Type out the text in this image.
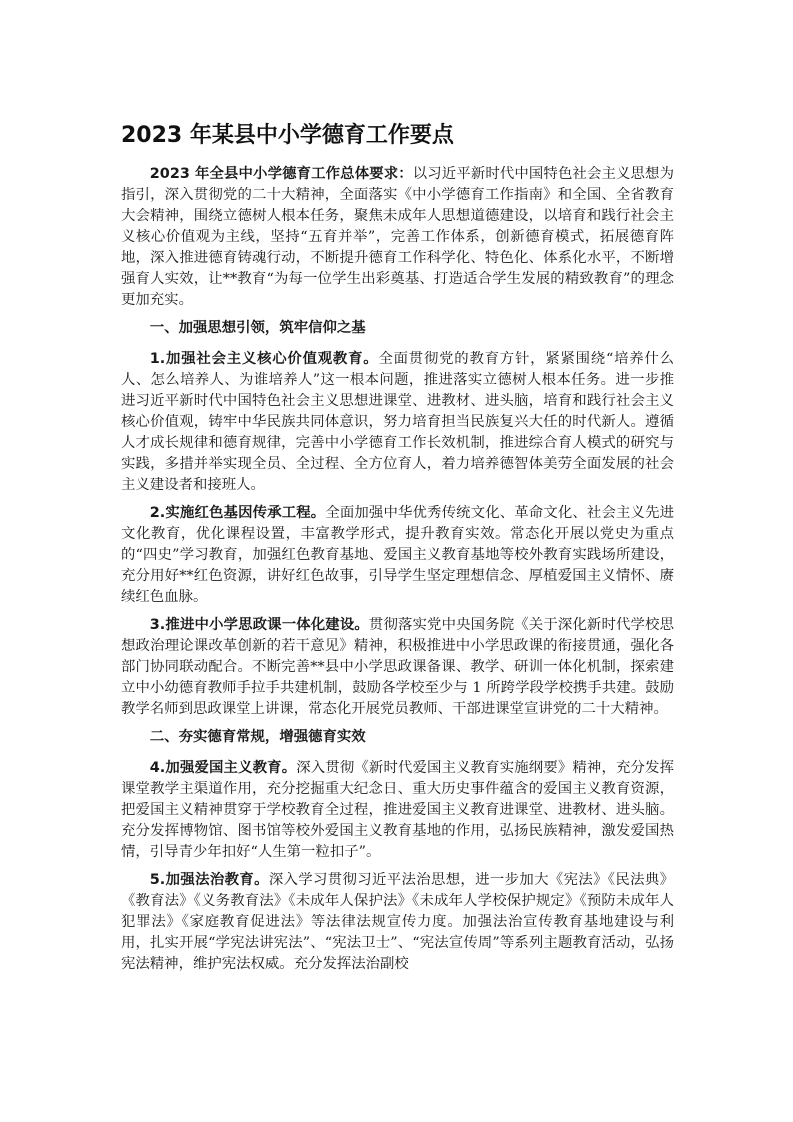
2023 年某县中小学德育工作要点

2023 年全县中小学德育工作总体要求：以习近平新时代中国特色社会主义思想为指引，深入贯彻党的二十大精神，全面落实《中小学德育工作指南》和全国、全省教育大会精神，围绕立德树人根本任务，聚焦未成年人思想道德建设，以培育和践行社会主义核心价值观为主线，坚持“五育并举”，完善工作体系，创新德育模式，拓展德育阵地，深入推进德育铸魂行动，不断提升德育工作科学化、特色化、体系化水平，不断增强育人实效，让**教育“为每一位学生出彩奠基、打造适合学生发展的精致教育”的理念更加充实。

一、加强思想引领，筑牢信仰之基

1.加强社会主义核心价值观教育。全面贯彻党的教育方针，紧紧围绕“培养什么人、怎么培养人、为谁培养人”这一根本问题，推进落实立德树人根本任务。进一步推进习近平新时代中国特色社会主义思想进课堂、进教材、进头脑，培育和践行社会主义核心价值观，铸牢中华民族共同体意识，努力培育担当民族复兴大任的时代新人。遵循人才成长规律和德育规律，完善中小学德育工作长效机制，推进综合育人模式的研究与实践，多措并举实现全员、全过程、全方位育人，着力培养德智体美劳全面发展的社会主义建设者和接班人。

2.实施红色基因传承工程。全面加强中华优秀传统文化、革命文化、社会主义先进文化教育，优化课程设置，丰富教学形式，提升教育实效。常态化开展以党史为重点的“四史”学习教育，加强红色教育基地、爱国主义教育基地等校外教育实践场所建设，充分用好**红色资源，讲好红色故事，引导学生坚定理想信念、厚植爱国主义情怀、赓续红色血脉。

3.推进中小学思政课一体化建设。贯彻落实党中央国务院《关于深化新时代学校思想政治理论课改革创新的若干意见》精神，积极推进中小学思政课的衔接贯通，强化各部门协同联动配合。不断完善**县中小学思政课备课、教学、研训一体化机制，探索建立中小幼德育教师手拉手共建机制，鼓励各学校至少与 1 所跨学段学校携手共建。鼓励教学名师到思政课堂上讲课，常态化开展党员教师、干部进课堂宣讲党的二十大精神。

二、夯实德育常规，增强德育实效

4.加强爱国主义教育。深入贯彻《新时代爱国主义教育实施纲要》精神，充分发挥课堂教学主渠道作用，充分挖掘重大纪念日、重大历史事件蕴含的爱国主义教育资源，把爱国主义精神贯穿于学校教育全过程，推进爱国主义教育进课堂、进教材、进头脑。充分发挥博物馆、图书馆等校外爱国主义教育基地的作用，弘扬民族精神，激发爱国热情，引导青少年扣好“人生第一粒扣子”。

5.加强法治教育。深入学习贯彻习近平法治思想，进一步加大《宪法》《民法典》《教育法》《义务教育法》《未成年人保护法》《未成年人学校保护规定》《预防未成年人犯罪法》《家庭教育促进法》等法律法规宣传力度。加强法治宣传教育基地建设与利用，扎实开展“学宪法讲宪法”、“宪法卫士”、“宪法宣传周”等系列主题教育活动，弘扬宪法精神，维护宪法权威。充分发挥法治副校
